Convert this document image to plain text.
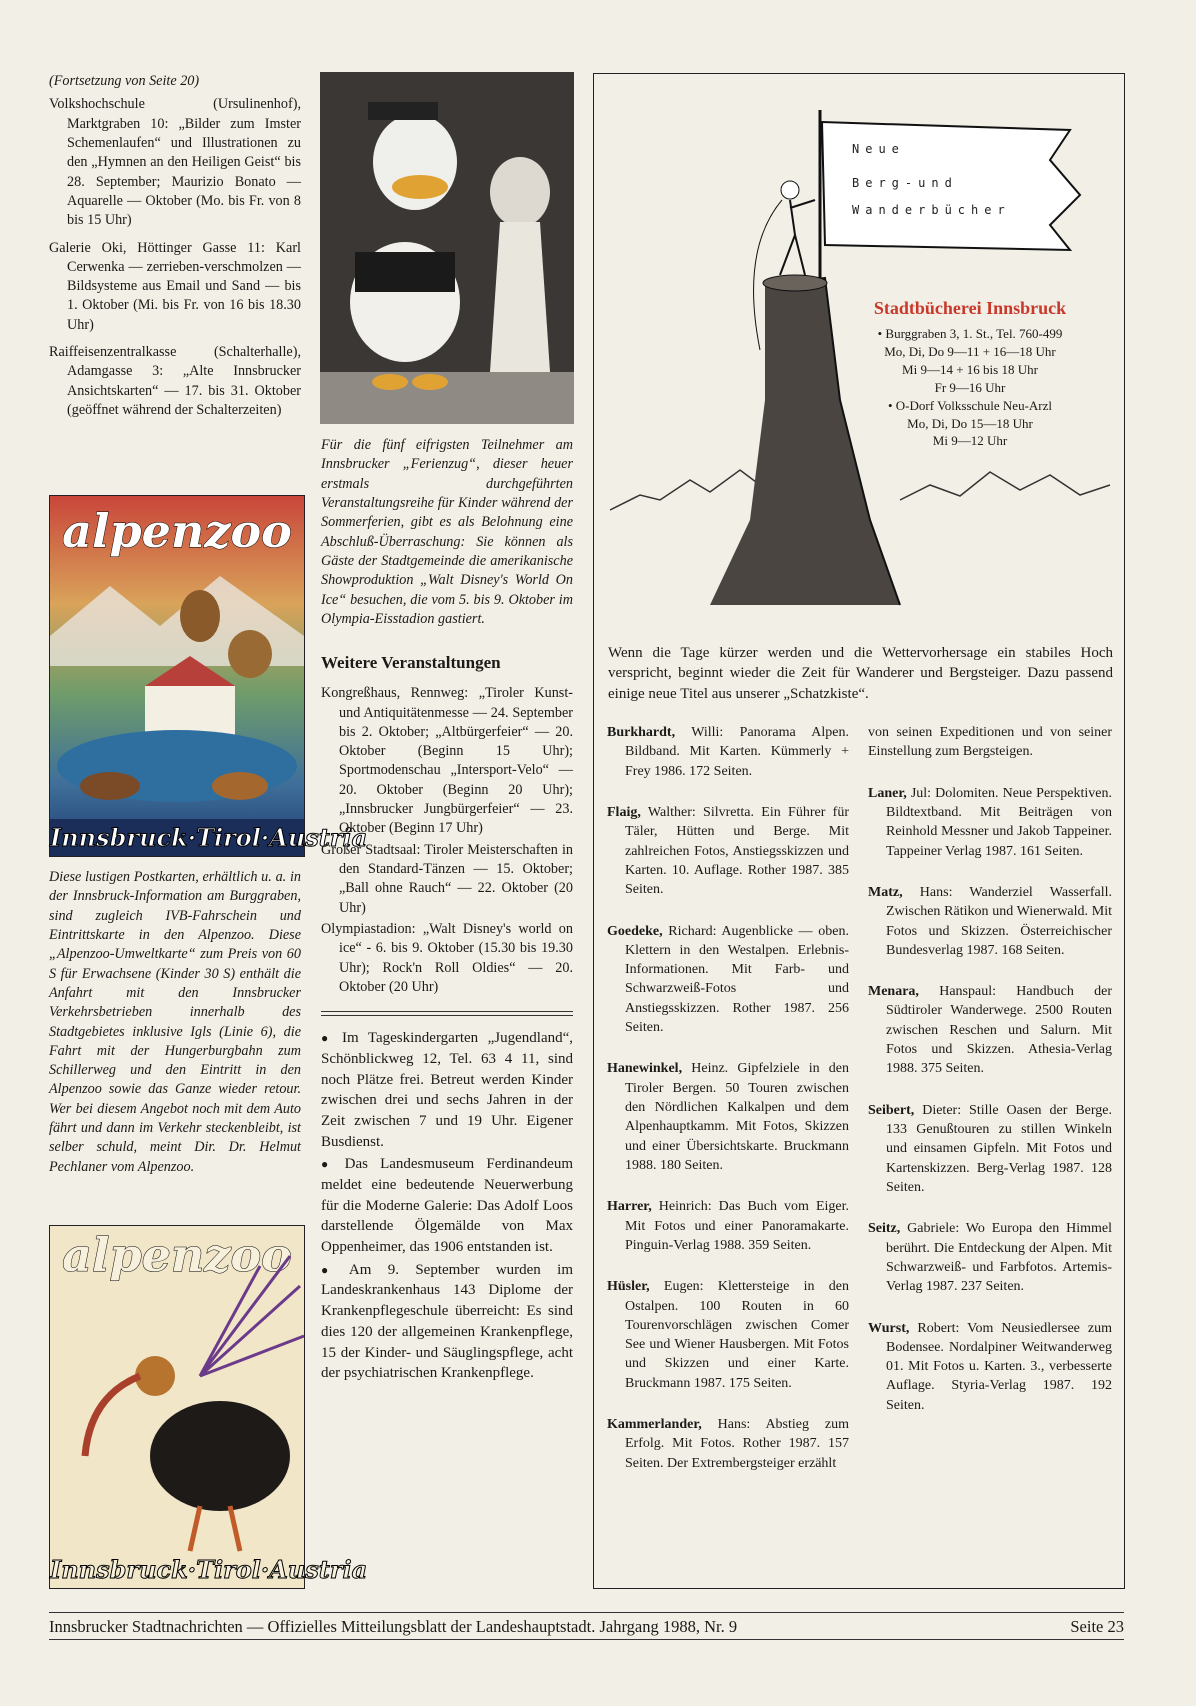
(Fortsetzung von Seite 20)

Volkshochschule (Ursulinenhof), Marktgraben 10: „Bilder zum Imster Schemenlaufen“ und Illustrationen zu den „Hymnen an den Heiligen Geist“ bis 28. September; Maurizio Bonato — Aquarelle — Oktober (Mo. bis Fr. von 8 bis 15 Uhr)

Galerie Oki, Höttinger Gasse 11: Karl Cerwenka — zerrieben-verschmolzen — Bildsysteme aus Email und Sand — bis 1. Oktober (Mi. bis Fr. von 16 bis 18.30 Uhr)

Raiffeisenzentralkasse (Schalterhalle), Adamgasse 3: „Alte Innsbrucker Ansichtskarten“ — 17. bis 31. Oktober (geöffnet während der Schalterzeiten)

alpenzoo
Innsbruck·Tirol·Austria

Diese lustigen Postkarten, erhältlich u. a. in der Innsbruck-Information am Burggraben, sind zugleich IVB-Fahrschein und Eintrittskarte in den Alpenzoo. Diese „Alpenzoo-Umweltkarte“ zum Preis von 60 S für Erwachsene (Kinder 30 S) enthält die Anfahrt mit den Innsbrucker Verkehrsbetrieben innerhalb des Stadtgebietes inklusive Igls (Linie 6), die Fahrt mit der Hungerburgbahn zum Schillerweg und den Eintritt in den Alpenzoo sowie das Ganze wieder retour. Wer bei diesem Angebot noch mit dem Auto fährt und dann im Verkehr steckenbleibt, ist selber schuld, meint Dir. Dr. Helmut Pechlaner vom Alpenzoo.

alpenzoo
Innsbruck·Tirol·Austria

Für die fünf eifrigsten Teilnehmer am Innsbrucker „Ferienzug“, dieser heuer erstmals durchgeführten Veranstaltungsreihe für Kinder während der Sommerferien, gibt es als Belohnung eine Abschluß-Überraschung: Sie können als Gäste der Stadtgemeinde die amerikanische Showproduktion „Walt Disney's World On Ice“ besuchen, die vom 5. bis 9. Oktober im Olympia-Eisstadion gastiert.

Weitere Veranstaltungen

Kongreßhaus, Rennweg: „Tiroler Kunst- und Antiquitätenmesse — 24. September bis 2. Oktober; „Altbürgerfeier“ — 20. Oktober (Beginn 15 Uhr); Sportmodenschau „Intersport-Velo“ — 20. Oktober (Beginn 20 Uhr); „Innsbrucker Jungbürgerfeier“ — 23. Oktober (Beginn 17 Uhr)

Großer Stadtsaal: Tiroler Meisterschaften in den Standard-Tänzen — 15. Oktober; „Ball ohne Rauch“ — 22. Oktober (20 Uhr)

Olympiastadion: „Walt Disney's world on ice“ - 6. bis 9. Oktober (15.30 bis 19.30 Uhr); Rock'n Roll Oldies“ — 20. Oktober (20 Uhr)

● Im Tageskindergarten „Jugendland“, Schönblickweg 12, Tel. 63 4 11, sind noch Plätze frei. Betreut werden Kinder zwischen drei und sechs Jahren in der Zeit zwischen 7 und 19 Uhr. Eigener Busdienst.

● Das Landesmuseum Ferdinandeum meldet eine bedeutende Neuerwerbung für die Moderne Galerie: Das Adolf Loos darstellende Ölgemälde von Max Oppenheimer, das 1906 entstanden ist.

● Am 9. September wurden im Landeskrankenhaus 143 Diplome der Krankenpflegeschule überreicht: Es sind dies 120 der allgemeinen Krankenpflege, 15 der Kinder- und Säuglingspflege, acht der psychiatrischen Krankenpflege.

Neue
Berg-und
Wanderbücher
Stadtbücherei Innsbruck
• Burggraben 3, 1. St., Tel. 760-499
Mo, Di, Do 9—11 + 16—18 Uhr
Mi 9—14 + 16 bis 18 Uhr
Fr 9—16 Uhr
• O-Dorf Volksschule Neu-Arzl
Mo, Di, Do 15—18 Uhr
Mi 9—12 Uhr

Wenn die Tage kürzer werden und die Wettervorhersage ein stabiles Hoch verspricht, beginnt wieder die Zeit für Wanderer und Bergsteiger. Dazu passend einige neue Titel aus unserer „Schatzkiste“.

Burkhardt, Willi: Panorama Alpen. Bildband. Mit Karten. Kümmerly + Frey 1986. 172 Seiten.

Flaig, Walther: Silvretta. Ein Führer für Täler, Hütten und Berge. Mit zahlreichen Fotos, Anstiegsskizzen und Karten. 10. Auflage. Rother 1987. 385 Seiten.

Goedeke, Richard: Augenblicke — oben. Klettern in den Westalpen. Erlebnis-Informationen. Mit Farb- und Schwarzweiß-Fotos und Anstiegsskizzen. Rother 1987. 256 Seiten.

Hanewinkel, Heinz. Gipfelziele in den Tiroler Bergen. 50 Touren zwischen den Nördlichen Kalkalpen und dem Alpenhauptkamm. Mit Fotos, Skizzen und einer Übersichtskarte. Bruckmann 1988. 180 Seiten.

Harrer, Heinrich: Das Buch vom Eiger. Mit Fotos und einer Panoramakarte. Pinguin-Verlag 1988. 359 Seiten.

Hüsler, Eugen: Klettersteige in den Ostalpen. 100 Routen in 60 Tourenvorschlägen zwischen Comer See und Wiener Hausbergen. Mit Fotos und Skizzen und einer Karte. Bruckmann 1987. 175 Seiten.

Kammerlander, Hans: Abstieg zum Erfolg. Mit Fotos. Rother 1987. 157 Seiten. Der Extrembergsteiger erzählt

von seinen Expeditionen und von seiner Einstellung zum Bergsteigen.

Laner, Jul: Dolomiten. Neue Perspektiven. Bildtextband. Mit Beiträgen von Reinhold Messner und Jakob Tappeiner. Tappeiner Verlag 1987. 161 Seiten.

Matz, Hans: Wanderziel Wasserfall. Zwischen Rätikon und Wienerwald. Mit Fotos und Skizzen. Österreichischer Bundesverlag 1987. 168 Seiten.

Menara, Hanspaul: Handbuch der Südtiroler Wanderwege. 2500 Routen zwischen Reschen und Salurn. Mit Fotos und Skizzen. Athesia-Verlag 1988. 375 Seiten.

Seibert, Dieter: Stille Oasen der Berge. 133 Genußtouren zu stillen Winkeln und einsamen Gipfeln. Mit Fotos und Kartenskizzen. Berg-Verlag 1987. 128 Seiten.

Seitz, Gabriele: Wo Europa den Himmel berührt. Die Entdeckung der Alpen. Mit Schwarzweiß- und Farbfotos. Artemis-Verlag 1987. 237 Seiten.

Wurst, Robert: Vom Neusiedlersee zum Bodensee. Nordalpiner Weitwanderweg 01. Mit Fotos u. Karten. 3., verbesserte Auflage. Styria-Verlag 1987. 192 Seiten.

Innsbrucker Stadtnachrichten — Offizielles Mitteilungsblatt der Landeshauptstadt. Jahrgang 1988, Nr. 9	Seite 23
